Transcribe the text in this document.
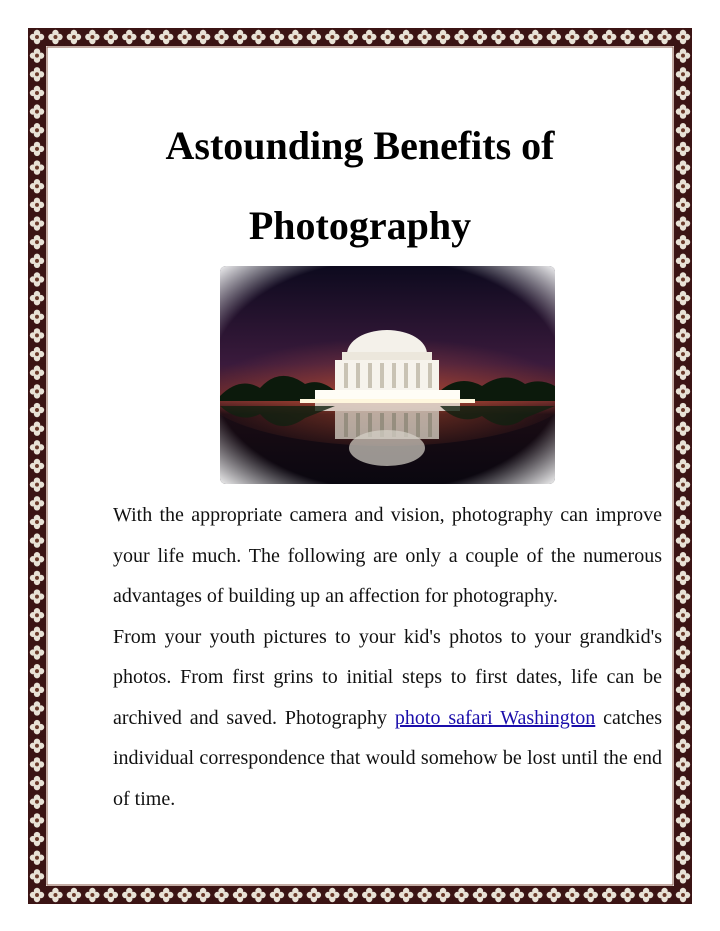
Astounding Benefits of
Photography

With the appropriate camera and vision, photography can improve your life much. The following are only a couple of the numerous advantages of building up an affection for photography.

From your youth pictures to your kid's photos to your grandkid's photos. From first grins to initial steps to first dates, life can be archived and saved. Photography photo safari Washington catches individual correspondence that would somehow be lost until the end of time.
